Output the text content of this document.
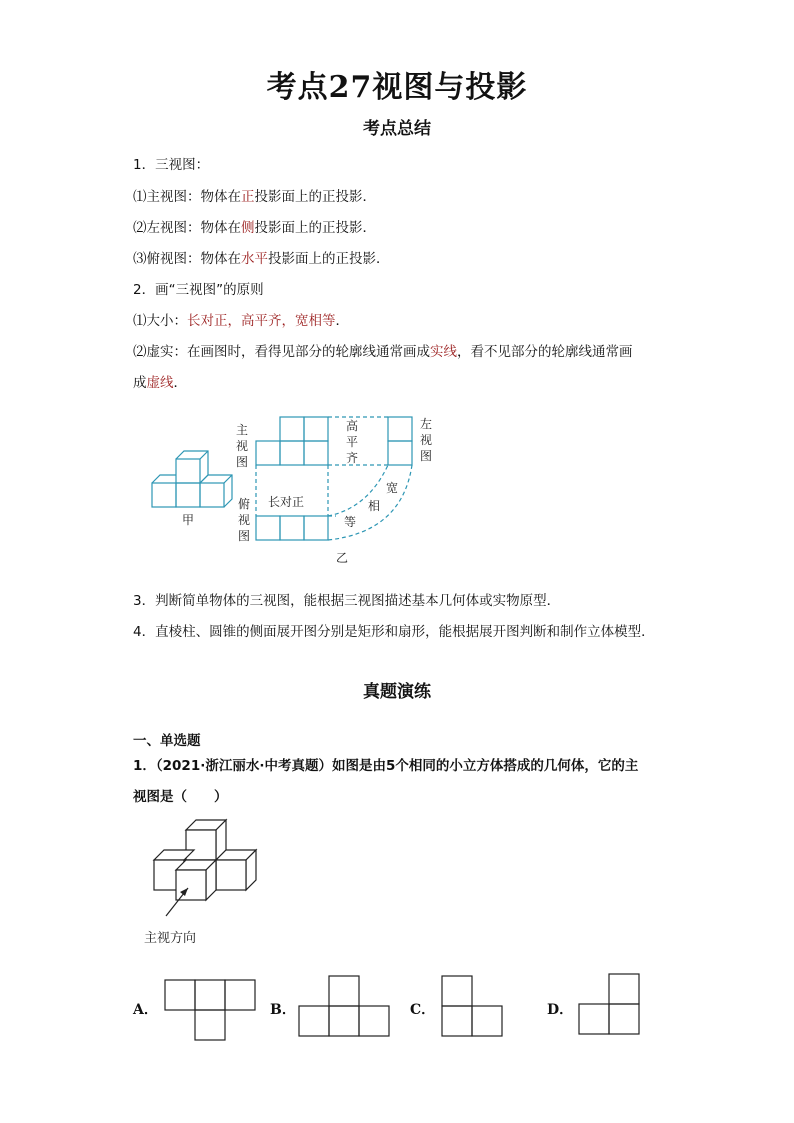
考点27视图与投影
考点总结
1．三视图：
⑴主视图：物体在正投影面上的正投影．
⑵左视图：物体在侧投影面上的正投影．
⑶俯视图：物体在水平投影面上的正投影．
2．画“三视图”的原则
⑴大小：长对正，高平齐，宽相等．
⑵虚实：在画图时，看得见部分的轮廓线通常画成实线，看不见部分的轮廓线通常画
成虚线．
甲
乙
主
视
图
俯
视
图
左
视
图
高
平
齐
长对正
宽
相
等
3．判断简单物体的三视图，能根据三视图描述基本几何体或实物原型．
4．直棱柱、圆锥的侧面展开图分别是矩形和扇形，能根据展开图判断和制作立体模型．
真题演练
一、单选题
1．（2021·浙江丽水·中考真题）如图是由5个相同的小立方体搭成的几何体，它的主
视图是（　　）
主视方向
A．	B．	C．	D．
